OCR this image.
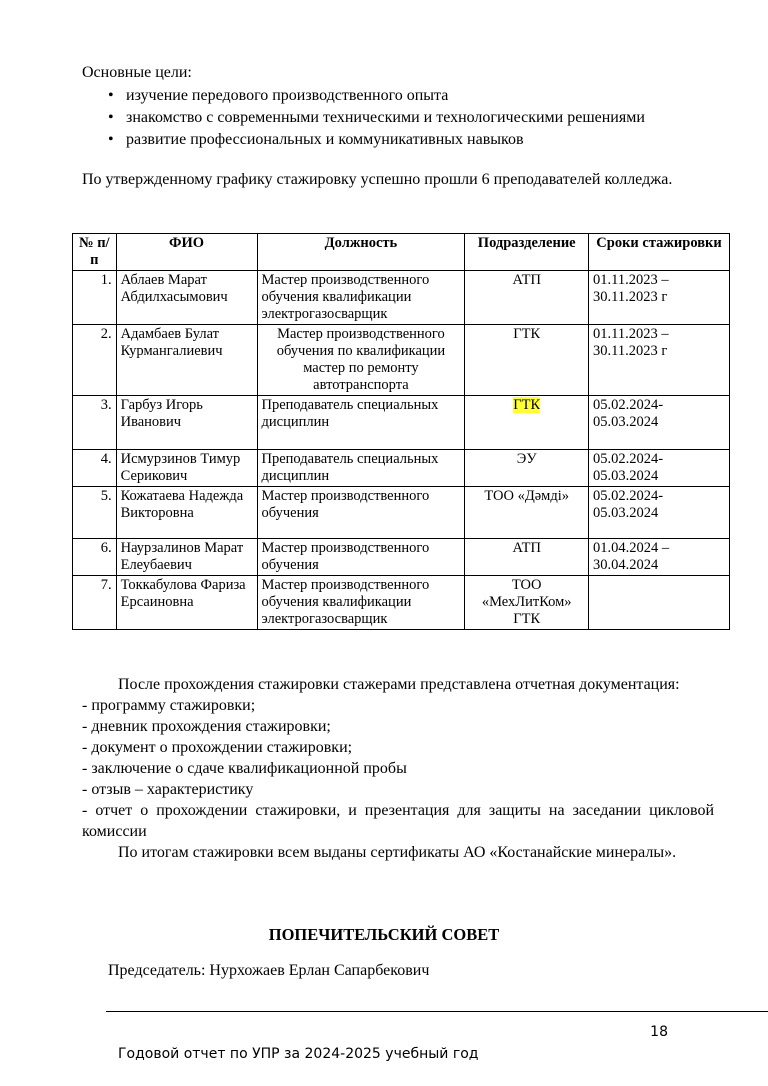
Основные цели:

• изучение передового производственного опыта
• знакомство с современными техническими и технологическими решениями
• развитие профессиональных и коммуникативных навыков

По утвержденному графику стажировку успешно прошли 6 преподавателей колледжа.

№ п/п	ФИО	Должность	Подразделение	Сроки стажировки
1.	Аблаев Марат Абдилхасымович	Мастер производственного обучения квалификации электрогазосварщик	АТП	01.11.2023 – 30.11.2023 г
2.	Адамбаев Булат Курмангалиевич	Мастер производственного обучения по квалификации мастер по ремонту автотранспорта	ГТК	01.11.2023 – 30.11.2023 г
3.	Гарбуз Игорь Иванович	Преподаватель специальных дисциплин	ГТК	05.02.2024-05.03.2024
4.	Исмурзинов Тимур Серикович	Преподаватель специальных дисциплин	ЭУ	05.02.2024-05.03.2024
5.	Кожатаева Надежда Викторовна	Мастер производственного обучения	ТОО «Дәмді»	05.02.2024-05.03.2024
6.	Наурзалинов Марат Елеубаевич	Мастер производственного обучения	АТП	01.04.2024 – 30.04.2024
7.	Токкабулова Фариза Ерсаиновна	Мастер производственного обучения квалификации электрогазосварщик	ТОО «МехЛитКом» ГТК	

После прохождения стажировки стажерами представлена отчетная документация:

- программу стажировки;

- дневник прохождения стажировки;

- документ о прохождении стажировки;

- заключение о сдаче квалификационной пробы

- отзыв – характеристику

- отчет о прохождении стажировки, и презентация для защиты на заседании цикловой комиссии

По итогам стажировки всем выданы сертификаты АО «Костанайские минералы».

ПОПЕЧИТЕЛЬСКИЙ СОВЕТ
Председатель: Нурхожаев Ерлан Сапарбекович
18
Годовой отчет по УПР за 2024-2025 учебный год
